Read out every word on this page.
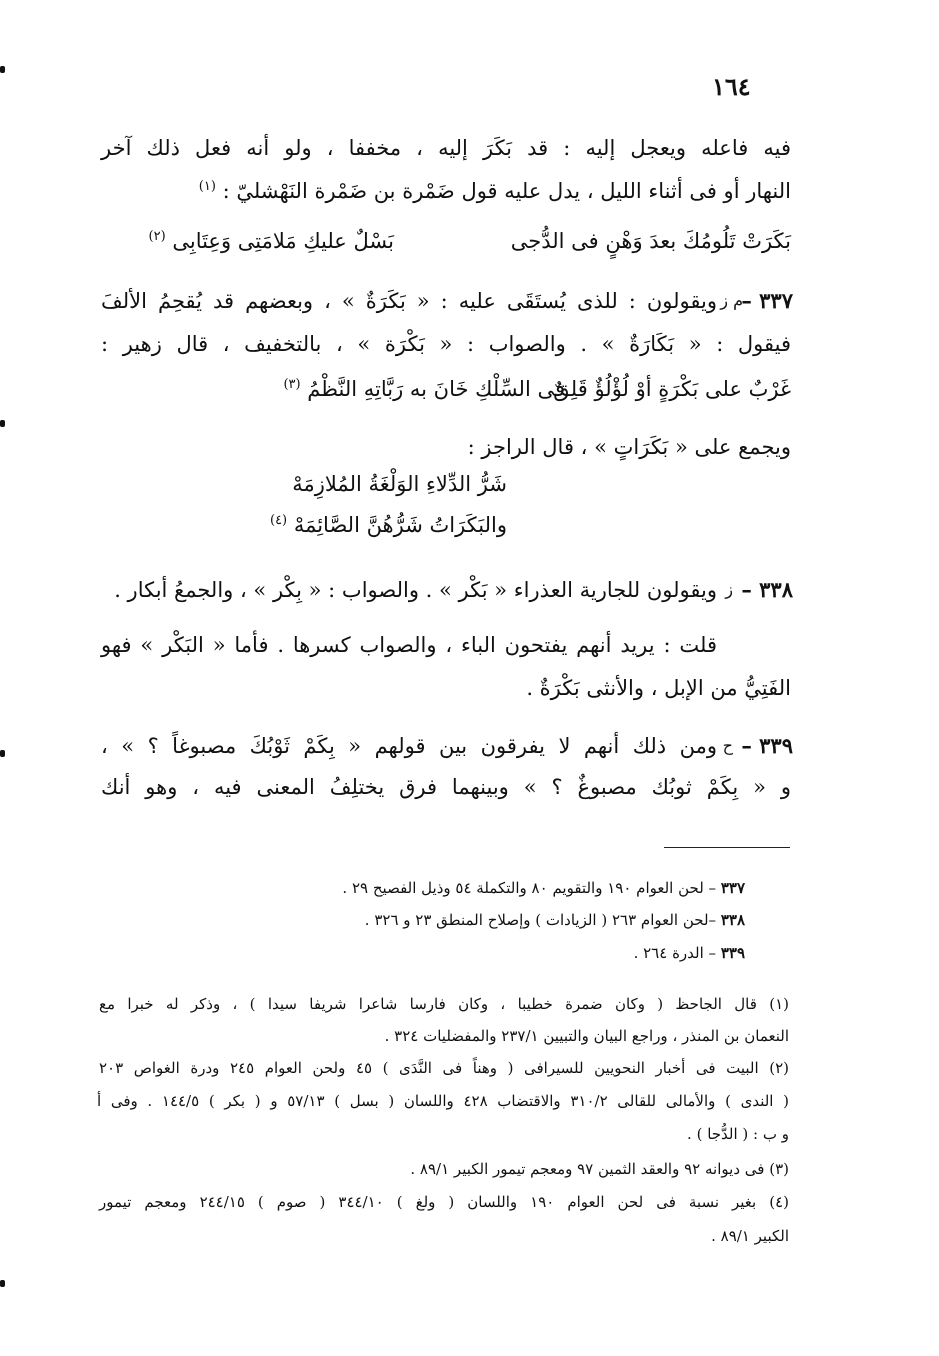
١٦٤
فيه فاعله ويعجل إليه : قد بَكَرَ إليه ، مخففا ، ولو أنه فعل ذلك آخر
النهار أو فى أثناء الليل ، يدل عليه قول ضَمْرة بن ضَمْرة النَهْشليّ : $^{(١)}$
بَكَرَتْ تَلُومُكَ بعدَ وَهْنٍ فى الدُّجى
بَسْلٌ عليكِ مَلامَتِى وَعِتَابِى $^{(٢)}$
٣٣٧ –
م ز
ويقولون : للذى يُستَقَى عليه : « بَكَرَةٌ » ، وبعضهم قد يُقحِمُ الألفَ
فيقول : « بَكَارَةٌ » . والصواب : « بَكْرَة » ، بالتخفيف ، قال زهير :
غَرْبٌ على بَكْرَةٍ أوْ لُؤْلُؤٌ قَلِقٌ
فى السِّلْكِ خَانَ به رَبَّاتِهِ النَّظْمُ $^{(٣)}$
ويجمع على « بَكَرَاتٍ » ، قال الراجز :
شَرُّ الدِّلاءِ الوَلْغَةُ المُلازِمَهْ
والبَكَرَاتُ شَرُّهُنَّ الصَّائِمَهْ $^{(٤)}$
٣٣٨ –
ز
ويقولون للجارية العذراء « بَكْر » . والصواب : « بِكْر » ، والجمعُ أبكار .
قلت : يريد أنهم يفتحون الباء ، والصواب كسرها . فأما « البَكْر » فهو
الفَتِيُّ من الإبل ، والأنثى بَكْرَةٌ .
٣٣٩ –
ح
ومن ذلك أنهم لا يفرقون بين قولهم « بِكَمْ ثَوْبُكَ مصبوغاً ؟ » ،
و « بِكَمْ ثوبُك مصبوغٌ ؟ » وبينهما فرق يختلِفُ المعنى فيه ، وهو أنك
٣٣٧ – لحن العوام ١٩٠ والتقويم ٨٠ والتكملة ٥٤ وذيل الفصيح ٢٩ .
٣٣٨ –لحن العوام ٢٦٣ ( الزيادات ) وإصلاح المنطق ٢٣ و ٣٢٦ .
٣٣٩ – الدرة ٢٦٤ .
(١) قال الجاحظ ( وكان ضمرة خطيبا ، وكان فارسا شاعرا شريفا سيدا ) ، وذكر له خبرا مع
النعمان بن المنذر ، وراجع البيان والتبيين ٢٣٧/١ والمفضليات ٣٢٤ .
(٢) البيت فى أخبار النحويين للسيرافى ( وهناً فى النَّدَى ) ٤٥ ولحن العوام ٢٤٥ ودرة الغواص ٢٠٣
( الندى ) والأمالى للقالى ٣١٠/٢ والاقتضاب ٤٢٨ واللسان ( بسل ) ٥٧/١٣ و ( بكر ) ١٤٤/٥ . وفى أ
و ب : ( الدُّجا ) .
(٣) فى ديوانه ٩٢ والعقد الثمين ٩٧ ومعجم تيمور الكبير ٨٩/١ .
(٤) بغير نسبة فى لحن العوام ١٩٠ واللسان ( ولغ ) ٣٤٤/١٠ ( صوم ) ٢٤٤/١٥ ومعجم تيمور
الكبير ٨٩/١ .
